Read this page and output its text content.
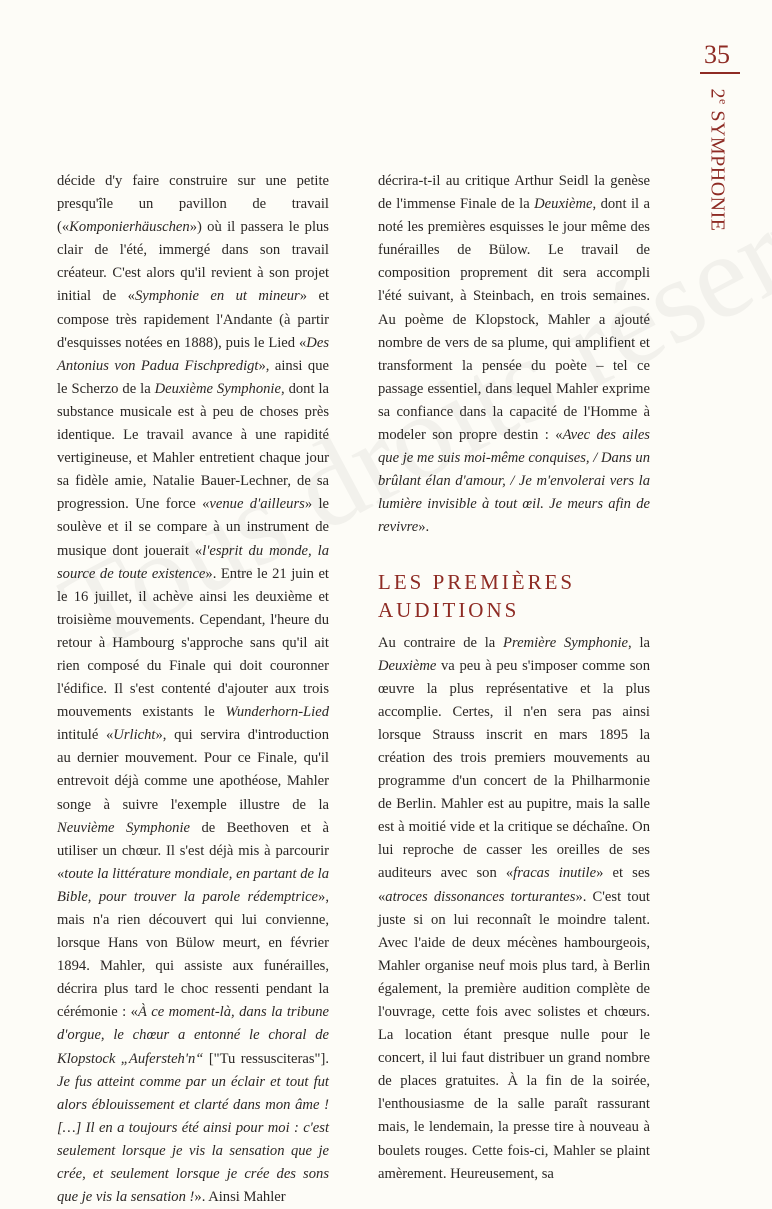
35
2e SYMPHONIE

décide d'y faire construire sur une petite presqu'île un pavillon de travail («Komponierhäuschen») où il passera le plus clair de l'été, immergé dans son travail créateur. C'est alors qu'il revient à son projet initial de «Symphonie en ut mineur» et compose très rapidement l'Andante (à partir d'esquisses notées en 1888), puis le Lied «Des Antonius von Padua Fischpredigt», ainsi que le Scherzo de la Deuxième Symphonie, dont la substance musicale est à peu de choses près identique. Le travail avance à une rapidité vertigineuse, et Mahler entretient chaque jour sa fidèle amie, Natalie Bauer-Lechner, de sa progression. Une force «venue d'ailleurs» le soulève et il se compare à un instrument de musique dont jouerait «l'esprit du monde, la source de toute existence». Entre le 21 juin et le 16 juillet, il achève ainsi les deuxième et troisième mouvements. Cependant, l'heure du retour à Hambourg s'approche sans qu'il ait rien composé du Finale qui doit couronner l'édifice. Il s'est contenté d'ajouter aux trois mouvements existants le Wunderhorn-Lied intitulé «Urlicht», qui servira d'introduction au dernier mouvement. Pour ce Finale, qu'il entrevoit déjà comme une apothéose, Mahler songe à suivre l'exemple illustre de la Neuvième Symphonie de Beethoven et à utiliser un chœur. Il s'est déjà mis à parcourir «toute la littérature mondiale, en partant de la Bible, pour trouver la parole rédemptrice», mais n'a rien découvert qui lui convienne, lorsque Hans von Bülow meurt, en février 1894. Mahler, qui assiste aux funérailles, décrira plus tard le choc ressenti pendant la cérémonie : «À ce moment-là, dans la tribune d'orgue, le chœur a entonné le choral de Klopstock „Aufersteh'n“ ["Tu ressusciteras"]. Je fus atteint comme par un éclair et tout fut alors éblouissement et clarté dans mon âme ! […] Il en a toujours été ainsi pour moi : c'est seulement lorsque je vis la sensation que je crée, et seulement lorsque je crée des sons que je vis la sensation !». Ainsi Mahler

décrira-t-il au critique Arthur Seidl la genèse de l'immense Finale de la Deuxième, dont il a noté les premières esquisses le jour même des funérailles de Bülow. Le travail de composition proprement dit sera accompli l'été suivant, à Steinbach, en trois semaines. Au poème de Klopstock, Mahler a ajouté nombre de vers de sa plume, qui amplifient et transforment la pensée du poète – tel ce passage essentiel, dans lequel Mahler exprime sa confiance dans la capacité de l'Homme à modeler son propre destin : «Avec des ailes que je me suis moi-même conquises, / Dans un brûlant élan d'amour, / Je m'envolerai vers la lumière invisible à tout œil. Je meurs afin de revivre».

LES PREMIÈRES AUDITIONS

Au contraire de la Première Symphonie, la Deuxième va peu à peu s'imposer comme son œuvre la plus représentative et la plus accomplie. Certes, il n'en sera pas ainsi lorsque Strauss inscrit en mars 1895 la création des trois premiers mouvements au programme d'un concert de la Philharmonie de Berlin. Mahler est au pupitre, mais la salle est à moitié vide et la critique se déchaîne. On lui reproche de casser les oreilles de ses auditeurs avec son «fracas inutile» et ses «atroces dissonances torturantes». C'est tout juste si on lui reconnaît le moindre talent. Avec l'aide de deux mécènes hambourgeois, Mahler organise neuf mois plus tard, à Berlin également, la première audition complète de l'ouvrage, cette fois avec solistes et chœurs. La location étant presque nulle pour le concert, il lui faut distribuer un grand nombre de places gratuites. À la fin de la soirée, l'enthousiasme de la salle paraît rassurant mais, le lendemain, la presse tire à nouveau à boulets rouges. Cette fois-ci, Mahler se plaint amèrement. Heureusement, sa
